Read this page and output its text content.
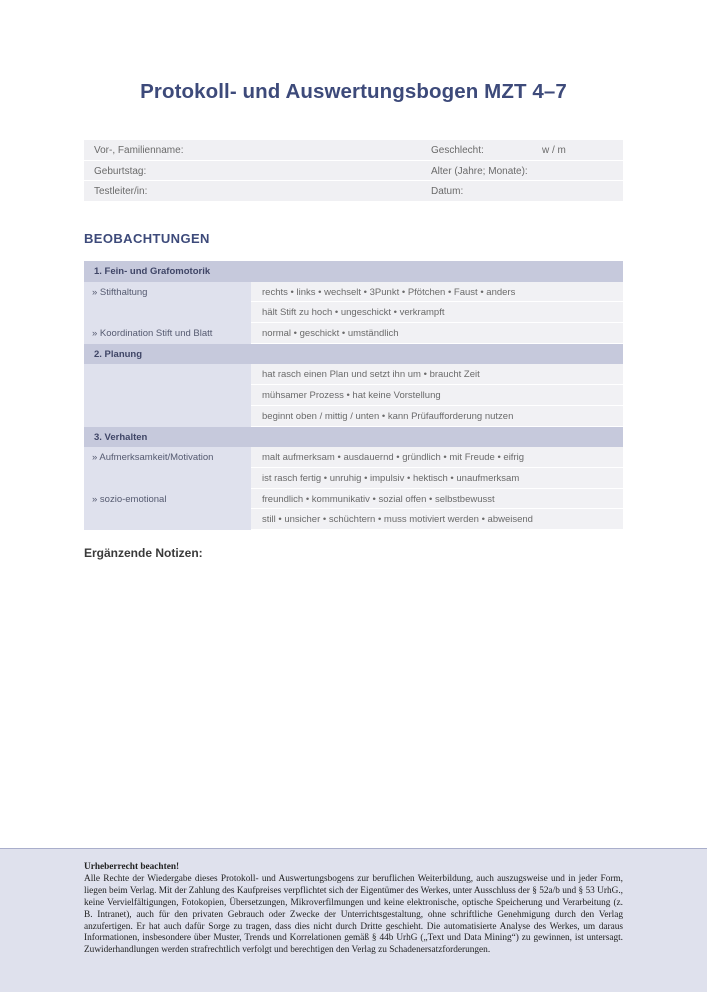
Protokoll- und Auswertungsbogen MZT 4–7
Vor-, Familienname:	Geschlecht:	w / m
Geburtstag:	Alter (Jahre; Monate):
Testleiter/in:	Datum:
BEOBACHTUNGEN
1. Fein- und Grafomotorik
» Stifthaltung	rechts • links • wechselt • 3Punkt • Pfötchen • Faust • anders
hält Stift zu hoch • ungeschickt • verkrampft
» Koordination Stift und Blatt	normal • geschickt • umständlich
2. Planung
hat rasch einen Plan und setzt ihn um • braucht Zeit
mühsamer Prozess • hat keine Vorstellung
beginnt oben / mittig / unten • kann Prüfaufforderung nutzen
3. Verhalten
» Aufmerksamkeit/Motivation	malt aufmerksam • ausdauernd • gründlich • mit Freude • eifrig
ist rasch fertig • unruhig • impulsiv • hektisch • unaufmerksam
» sozio-emotional	freundlich • kommunikativ • sozial offen • selbstbewusst
still • unsicher • schüchtern • muss motiviert werden • abweisend
Ergänzende Notizen:
Urheberrecht beachten!
Alle Rechte der Wiedergabe dieses Protokoll- und Auswertungsbogens zur beruflichen Weiterbildung, auch auszugsweise und in jeder Form, liegen beim Verlag. Mit der Zahlung des Kaufpreises verpflichtet sich der Eigentümer des Werkes, unter Ausschluss der § 52a/b und § 53 UrhG., keine Vervielfältigungen, Fotokopien, Übersetzungen, Mikroverfilmungen und keine elektronische, optische Speicherung und Verarbeitung (z. B. Intranet), auch für den privaten Gebrauch oder Zwecke der Unterrichtsgestaltung, ohne schriftliche Genehmigung durch den Verlag anzufertigen. Er hat auch dafür Sorge zu tragen, dass dies nicht durch Dritte geschieht. Die automatisierte Analyse des Werkes, um daraus Informationen, insbesondere über Muster, Trends und Korrelationen gemäß § 44b UrhG („Text und Data Mining“) zu gewinnen, ist untersagt. Zuwiderhandlungen werden strafrechtlich verfolgt und berechtigen den Verlag zu Schadenersatzforderungen.
